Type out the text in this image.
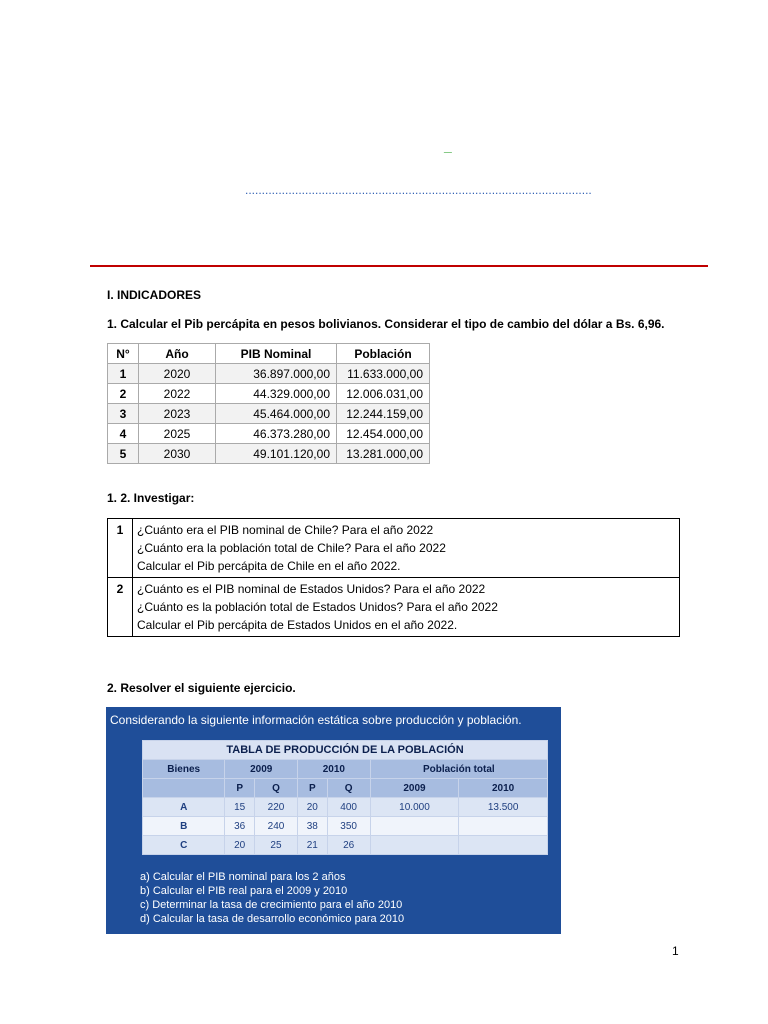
_
........................................................................................................
I. INDICADORES
1. Calcular el Pib percápita en pesos bolivianos. Considerar el tipo de cambio del dólar a Bs. 6,96.
N°	Año	PIB Nominal	Población
1	2020	36.897.000,00	11.633.000,00
2	2022	44.329.000,00	12.006.031,00
3	2023	45.464.000,00	12.244.159,00
4	2025	46.373.280,00	12.454.000,00
5	2030	49.101.120,00	13.281.000,00
1. 2. Investigar:
1	¿Cuánto era el PIB nominal de Chile? Para el año 2022
¿Cuánto era la población total de Chile? Para el año 2022
Calcular el Pib percápita de Chile en el año 2022.

2	¿Cuánto es el PIB nominal de Estados Unidos? Para el año 2022
¿Cuánto es la población total de Estados Unidos? Para el año 2022
Calcular el Pib percápita de Estados Unidos en el año 2022.
2. Resolver el siguiente ejercicio.
Considerando la siguiente información estática sobre producción y población.
TABLA DE PRODUCCIÓN DE LA POBLACIÓN						
Bienes	2009		2010		Población total	
	P	Q	P	Q	2009	2010
A	15	220	20	400	10.000	13.500
B	36	240	38	350		
C	20	25	21	26		
a) Calcular el PIB nominal para los 2 años
b) Calcular el PIB real para el 2009 y 2010
c) Determinar la tasa de crecimiento para el año 2010
d) Calcular la tasa de desarrollo económico para 2010
1
